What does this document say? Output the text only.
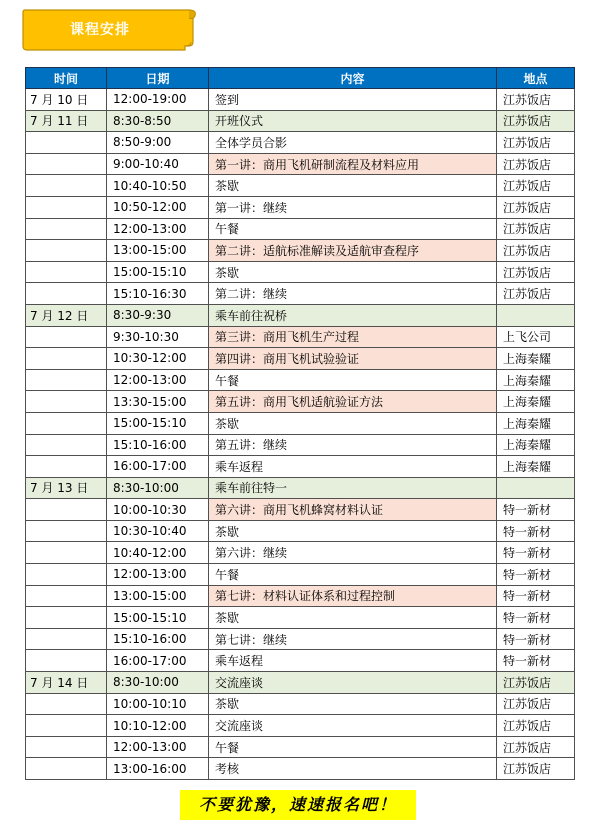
课程安排
时间	日期	内容	地点
7 月 10 日	12:00-19:00	签到	江苏饭店
7 月 11 日	8:30-8:50	开班仪式	江苏饭店
	8:50-9:00	全体学员合影	江苏饭店
	9:00-10:40	第一讲：商用飞机研制流程及材料应用	江苏饭店
	10:40-10:50	茶歇	江苏饭店
	10:50-12:00	第一讲：继续	江苏饭店
	12:00-13:00	午餐	江苏饭店
	13:00-15:00	第二讲：适航标准解读及适航审查程序	江苏饭店
	15:00-15:10	茶歇	江苏饭店
	15:10-16:30	第二讲：继续	江苏饭店
7 月 12 日	8:30-9:30	乘车前往祝桥	
	9:30-10:30	第三讲：商用飞机生产过程	上飞公司
	10:30-12:00	第四讲：商用飞机试验验证	上海秦耀
	12:00-13:00	午餐	上海秦耀
	13:30-15:00	第五讲：商用飞机适航验证方法	上海秦耀
	15:00-15:10	茶歇	上海秦耀
	15:10-16:00	第五讲：继续	上海秦耀
	16:00-17:00	乘车返程	上海秦耀
7 月 13 日	8:30-10:00	乘车前往特一	
	10:00-10:30	第六讲：商用飞机蜂窝材料认证	特一新材
	10:30-10:40	茶歇	特一新材
	10:40-12:00	第六讲：继续	特一新材
	12:00-13:00	午餐	特一新材
	13:00-15:00	第七讲：材料认证体系和过程控制	特一新材
	15:00-15:10	茶歇	特一新材
	15:10-16:00	第七讲：继续	特一新材
	16:00-17:00	乘车返程	特一新材
7 月 14 日	8:30-10:00	交流座谈	江苏饭店
	10:00-10:10	茶歇	江苏饭店
	10:10-12:00	交流座谈	江苏饭店
	12:00-13:00	午餐	江苏饭店
	13:00-16:00	考核	江苏饭店
不要犹豫，速速报名吧！
